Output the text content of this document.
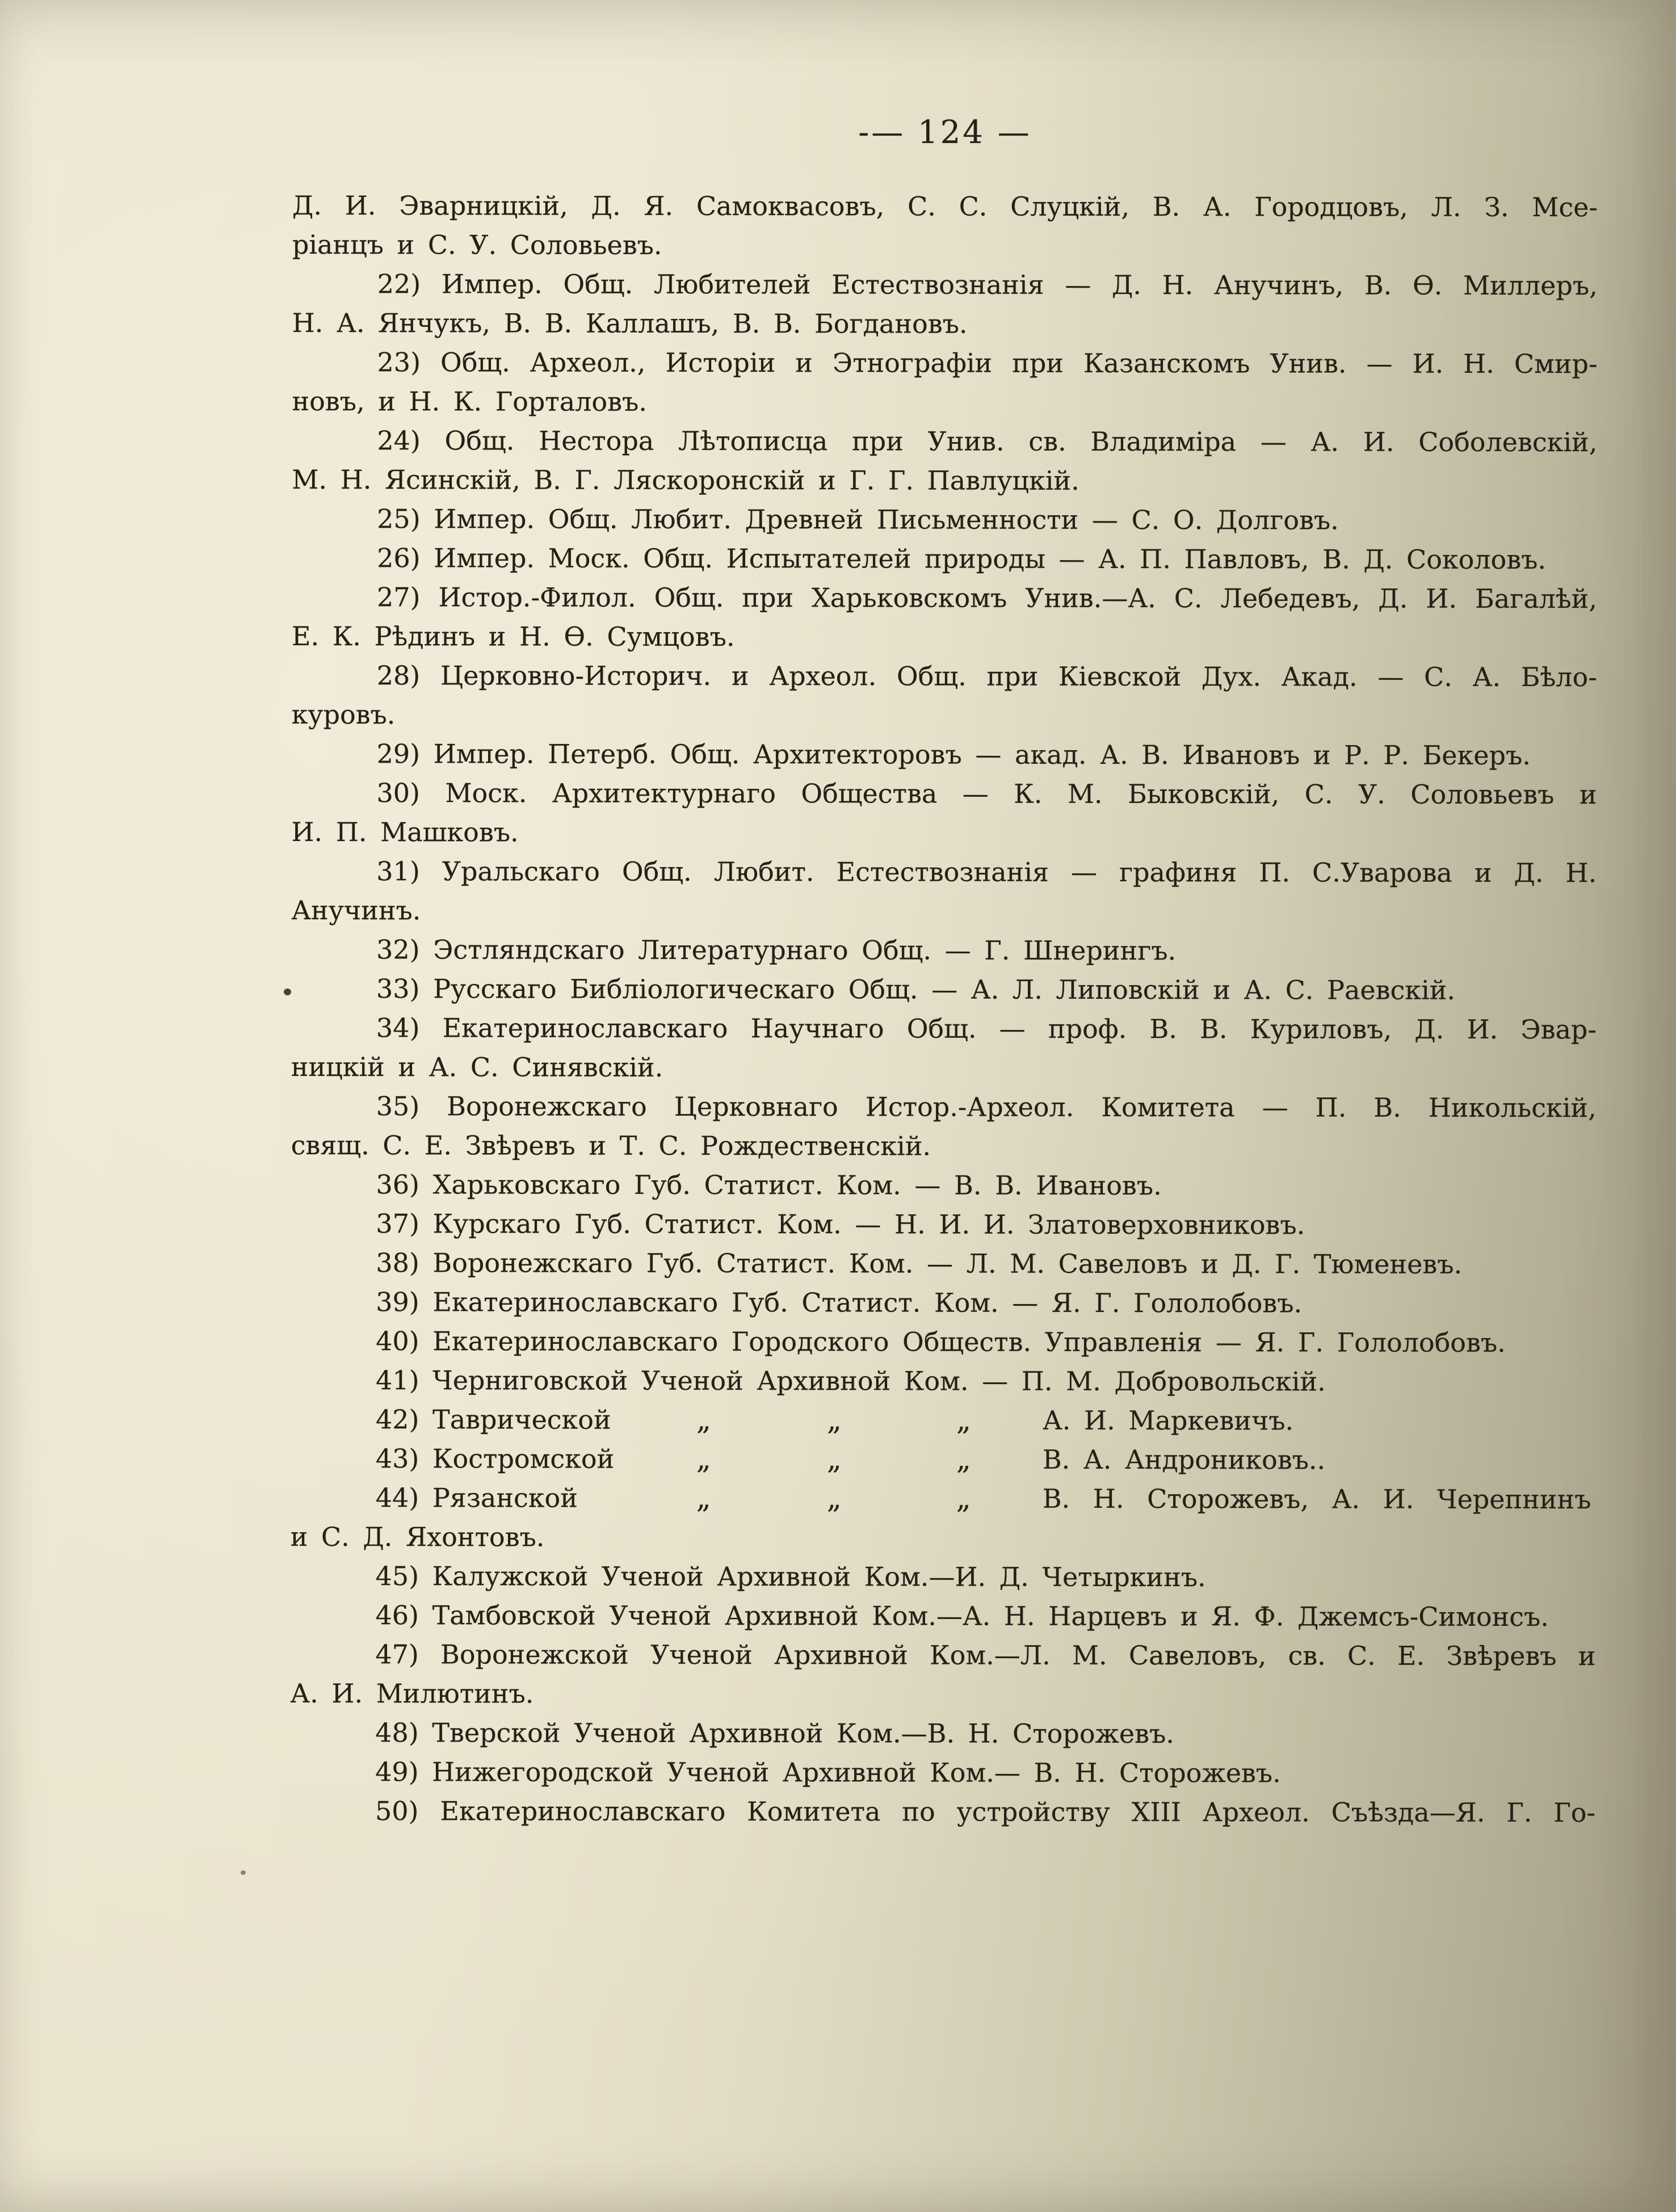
-— 124 —
Д. И. Эварницкій, Д. Я. Самоквасовъ, С. С. Слуцкій, В. А. Городцовъ, Л. З. Мсе-
ріанцъ и С. У. Соловьевъ.
22) Импер. Общ. Любителей Естествознанія — Д. Н. Анучинъ, В. Ѳ. Миллеръ,
Н. А. Янчукъ, В. В. Каллашъ, В. В. Богдановъ.
23) Общ. Археол., Исторіи и Этнографіи при Казанскомъ Унив. — И. Н. Смир-
новъ, и Н. К. Горталовъ.
24) Общ. Нестора Лѣтописца при Унив. св. Владиміра — А. И. Соболевскій,
М. Н. Ясинскій, В. Г. Ляскоронскій и Г. Г. Павлуцкій.
25) Импер. Общ. Любит. Древней Письменности — С. О. Долговъ.
26) Импер. Моск. Общ. Испытателей природы — А. П. Павловъ, В. Д. Соколовъ.
27) Истор.-Филол. Общ. при Харьковскомъ Унив.—А. С. Лебедевъ, Д. И. Багалѣй,
Е. К. Рѣдинъ и Н. Ѳ. Сумцовъ.
28) Церковно-Историч. и Археол. Общ. при Кіевской Дух. Акад. — С. А. Бѣло-
куровъ.
29) Импер. Петерб. Общ. Архитекторовъ — акад. А. В. Ивановъ и Р. Р. Бекеръ.
30) Моск. Архитектурнаго Общества — К. М. Быковскій, С. У. Соловьевъ и
И. П. Машковъ.
31) Уральскаго Общ. Любит. Естествознанія — графиня П. С.Уварова и Д. Н.
Анучинъ.
32) Эстляндскаго Литературнаго Общ. — Г. Шнерингъ.
33) Русскаго Библіологическаго Общ. — А. Л. Липовскій и А. С. Раевскій.
34) Екатеринославскаго Научнаго Общ. — проф. В. В. Куриловъ, Д. И. Эвар-
ницкій и А. С. Синявскій.
35) Воронежскаго Церковнаго Истор.-Археол. Комитета — П. В. Никольскій,
свящ. С. Е. Звѣревъ и Т. С. Рождественскій.
36) Харьковскаго Губ. Статист. Ком. — В. В. Ивановъ.
37) Курскаго Губ. Статист. Ком. — Н. И. И. Златоверховниковъ.
38) Воронежскаго Губ. Статист. Ком. — Л. М. Савеловъ и Д. Г. Тюменевъ.
39) Екатеринославскаго Губ. Статист. Ком. — Я. Г. Гололобовъ.
40) Екатеринославскаго Городского Обществ. Управленія — Я. Г. Гололобовъ.
41) Черниговской Ученой Архивной Ком. — П. М. Добровольскій.
42) Таврической	„	„	„	А. И. Маркевичъ.
43) Костромской	„	„	„	В. А. Андрониковъ..
44) Рязанской	„	„	„	В. Н. Сторожевъ, А. И. Черепнинъ
и С. Д. Яхонтовъ.
45) Калужской Ученой Архивной Ком.—И. Д. Четыркинъ.
46) Тамбовской Ученой Архивной Ком.—А. Н. Нарцевъ и Я. Ф. Джемсъ-Симонсъ.
47) Воронежской Ученой Архивной Ком.—Л. М. Савеловъ, св. С. Е. Звѣревъ и
А. И. Милютинъ.
48) Тверской Ученой Архивной Ком.—В. Н. Сторожевъ.
49) Нижегородской Ученой Архивной Ком.— В. Н. Сторожевъ.
50) Екатеринославскаго Комитета по устройству XIII Археол. Съѣзда—Я. Г. Го-
